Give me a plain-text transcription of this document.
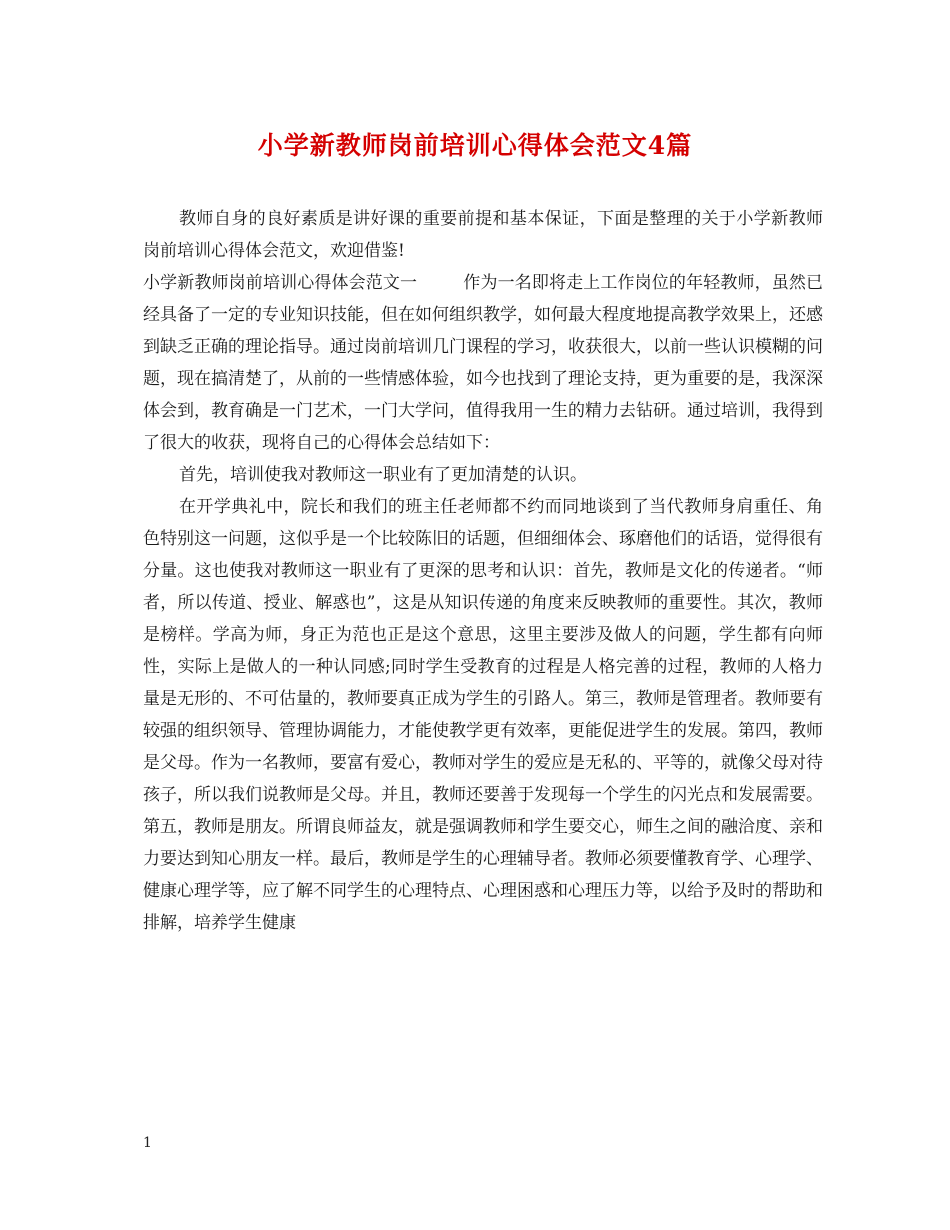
小学新教师岗前培训心得体会范文4篇

教师自身的良好素质是讲好课的重要前提和基本保证，下面是整理的关于小学新教师岗前培训心得体会范文，欢迎借鉴!

小学新教师岗前培训心得体会范文一	作为一名即将走上工作岗位的年轻教师，虽然已经具备了一定的专业知识技能，但在如何组织教学，如何最大程度地提高教学效果上，还感到缺乏正确的理论指导。通过岗前培训几门课程的学习，收获很大，以前一些认识模糊的问题，现在搞清楚了，从前的一些情感体验，如今也找到了理论支持，更为重要的是，我深深体会到，教育确是一门艺术，一门大学问，值得我用一生的精力去钻研。通过培训，我得到了很大的收获，现将自己的心得体会总结如下：

首先，培训使我对教师这一职业有了更加清楚的认识。

在开学典礼中，院长和我们的班主任老师都不约而同地谈到了当代教师身肩重任、角色特别这一问题，这似乎是一个比较陈旧的话题，但细细体会、琢磨他们的话语，觉得很有分量。这也使我对教师这一职业有了更深的思考和认识：首先，教师是文化的传递者。“师者，所以传道、授业、解惑也”，这是从知识传递的角度来反映教师的重要性。其次，教师是榜样。学高为师，身正为范也正是这个意思，这里主要涉及做人的问题，学生都有向师性，实际上是做人的一种认同感;同时学生受教育的过程是人格完善的过程，教师的人格力量是无形的、不可估量的，教师要真正成为学生的引路人。第三，教师是管理者。教师要有较强的组织领导、管理协调能力，才能使教学更有效率，更能促进学生的发展。第四，教师是父母。作为一名教师，要富有爱心，教师对学生的爱应是无私的、平等的，就像父母对待孩子，所以我们说教师是父母。并且，教师还要善于发现每一个学生的闪光点和发展需要。第五，教师是朋友。所谓良师益友，就是强调教师和学生要交心，师生之间的融洽度、亲和力要达到知心朋友一样。最后，教师是学生的心理辅导者。教师必须要懂教育学、心理学、健康心理学等，应了解不同学生的心理特点、心理困惑和心理压力等，以给予及时的帮助和排解，培养学生健康

1
